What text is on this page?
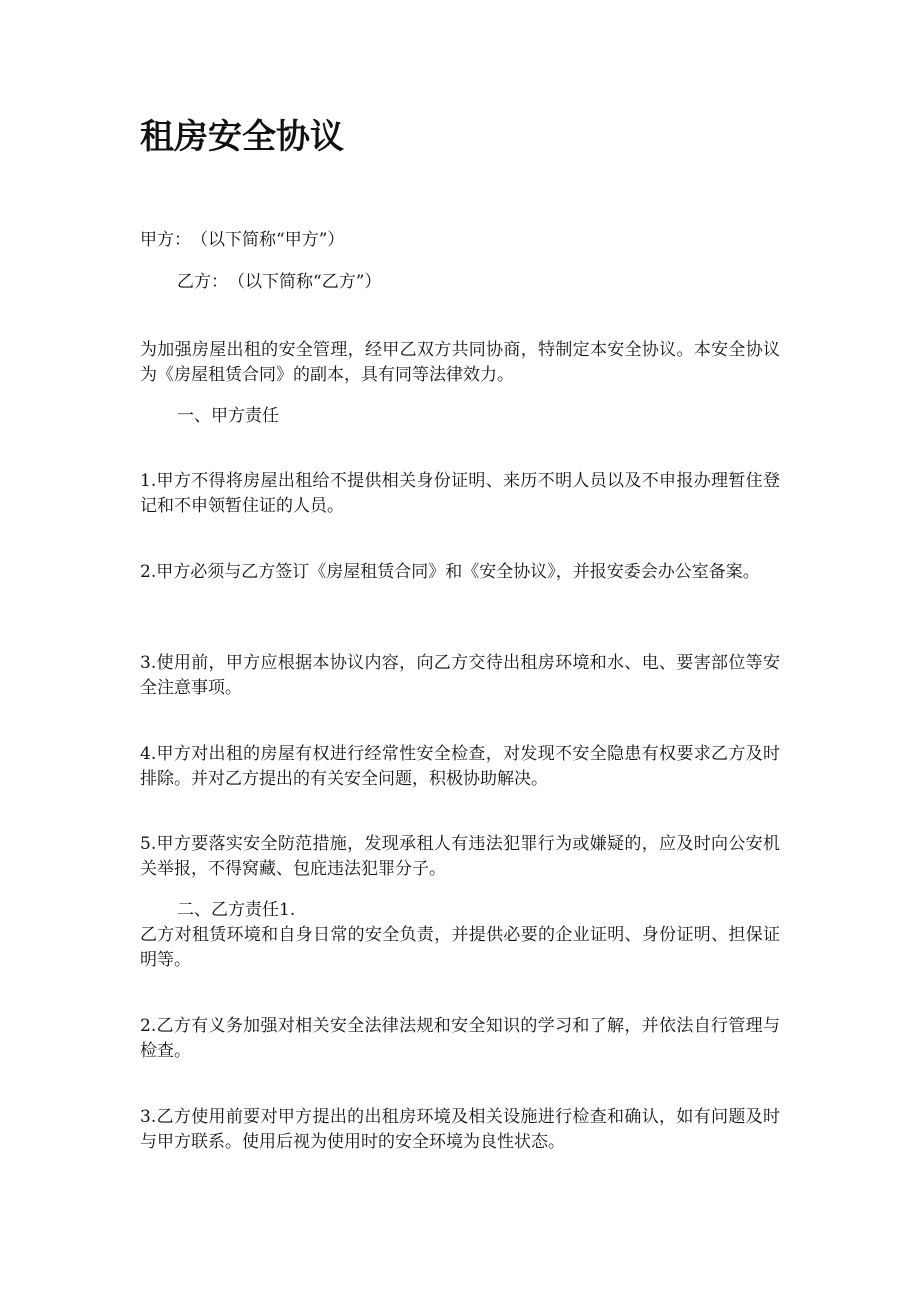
租房安全协议

甲方：　（以下简称“甲方”）

乙方：　（以下简称“乙方”）

为加强房屋出租的安全管理，经甲乙双方共同协商，特制定本安全协议。本安全协议为《房屋租赁合同》的副本，具有同等法律效力。

一、甲方责任

1.甲方不得将房屋出租给不提供相关身份证明、来历不明人员以及不申报办理暂住登记和不申领暂住证的人员。

2.甲方必须与乙方签订《房屋租赁合同》和《安全协议》，并报安委会办公室备案。

3.使用前，甲方应根据本协议内容，向乙方交待出租房环境和水、电、要害部位等安全注意事项。

4.甲方对出租的房屋有权进行经常性安全检查，对发现不安全隐患有权要求乙方及时排除。并对乙方提出的有关安全问题，积极协助解决。

5.甲方要落实安全防范措施，发现承租人有违法犯罪行为或嫌疑的，应及时向公安机关举报，不得窝藏、包庇违法犯罪分子。

二、乙方责任1.

乙方对租赁环境和自身日常的安全负责，并提供必要的企业证明、身份证明、担保证明等。

2.乙方有义务加强对相关安全法律法规和安全知识的学习和了解，并依法自行管理与检查。

3.乙方使用前要对甲方提出的出租房环境及相关设施进行检查和确认，如有问题及时与甲方联系。使用后视为使用时的安全环境为良性状态。
